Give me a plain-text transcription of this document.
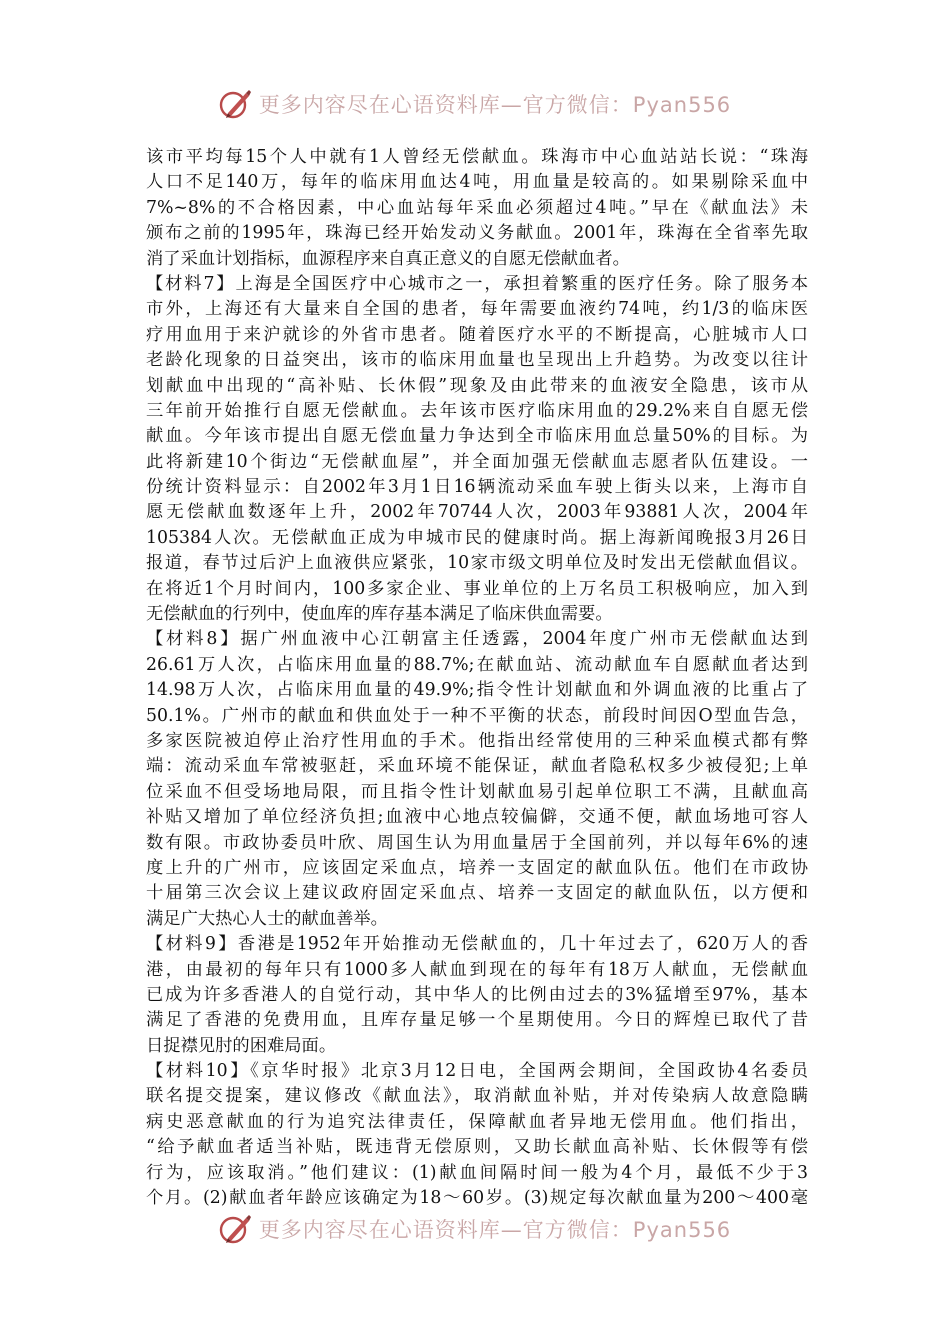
更多内容尽在心语资料库—官方微信：Pyan556
该市平均每15个人中就有1人曾经无偿献血。珠海市中心血站站长说：“珠海
人口不足140万，每年的临床用血达4吨，用血量是较高的。如果剔除采血中
7%~8%的不合格因素，中心血站每年采血必须超过4吨。”早在《献血法》未
颁布之前的1995年，珠海已经开始发动义务献血。2001年，珠海在全省率先取
消了采血计划指标，血源程序来自真正意义的自愿无偿献血者。
【材料7】上海是全国医疗中心城市之一，承担着繁重的医疗任务。除了服务本
市外，上海还有大量来自全国的患者，每年需要血液约74吨，约1/3的临床医
疗用血用于来沪就诊的外省市患者。随着医疗水平的不断提高，心脏城市人口
老龄化现象的日益突出，该市的临床用血量也呈现出上升趋势。为改变以往计
划献血中出现的“高补贴、长休假”现象及由此带来的血液安全隐患，该市从
三年前开始推行自愿无偿献血。去年该市医疗临床用血的29.2%来自自愿无偿
献血。今年该市提出自愿无偿血量力争达到全市临床用血总量50%的目标。为
此将新建10个街边“无偿献血屋”，并全面加强无偿献血志愿者队伍建设。一
份统计资料显示：自2002年3月1日16辆流动采血车驶上街头以来，上海市自
愿无偿献血数逐年上升，2002年70744人次，2003年93881人次，2004年
105384人次。无偿献血正成为申城市民的健康时尚。据上海新闻晚报3月26日
报道，春节过后沪上血液供应紧张，10家市级文明单位及时发出无偿献血倡议。
在将近1个月时间内，100多家企业、事业单位的上万名员工积极响应，加入到
无偿献血的行列中，使血库的库存基本满足了临床供血需要。
【材料8】据广州血液中心江朝富主任透露，2004年度广州市无偿献血达到
26.61万人次，占临床用血量的88.7%;在献血站、流动献血车自愿献血者达到
14.98万人次，占临床用血量的49.9%;指令性计划献血和外调血液的比重占了
50.1%。广州市的献血和供血处于一种不平衡的状态，前段时间因O型血告急，
多家医院被迫停止治疗性用血的手术。他指出经常使用的三种采血模式都有弊
端：流动采血车常被驱赶，采血环境不能保证，献血者隐私权多少被侵犯;上单
位采血不但受场地局限，而且指令性计划献血易引起单位职工不满，且献血高
补贴又增加了单位经济负担;血液中心地点较偏僻，交通不便，献血场地可容人
数有限。市政协委员叶欣、周国生认为用血量居于全国前列，并以每年6%的速
度上升的广州市，应该固定采血点，培养一支固定的献血队伍。他们在市政协
十届第三次会议上建议政府固定采血点、培养一支固定的献血队伍，以方便和
满足广大热心人士的献血善举。
【材料9】香港是1952年开始推动无偿献血的，几十年过去了，620万人的香
港，由最初的每年只有1000多人献血到现在的每年有18万人献血，无偿献血
已成为许多香港人的自觉行动，其中华人的比例由过去的3%猛增至97%，基本
满足了香港的免费用血，且库存量足够一个星期使用。今日的辉煌已取代了昔
日捉襟见肘的困难局面。
【材料10】《京华时报》北京3月12日电，全国两会期间，全国政协4名委员
联名提交提案，建议修改《献血法》，取消献血补贴，并对传染病人故意隐瞒
病史恶意献血的行为追究法律责任，保障献血者异地无偿用血。他们指出，
“给予献血者适当补贴，既违背无偿原则，又助长献血高补贴、长休假等有偿
行为，应该取消。”他们建议：(1)献血间隔时间一般为4个月，最低不少于3
个月。(2)献血者年龄应该确定为18～60岁。(3)规定每次献血量为200～400毫
更多内容尽在心语资料库—官方微信：Pyan556
